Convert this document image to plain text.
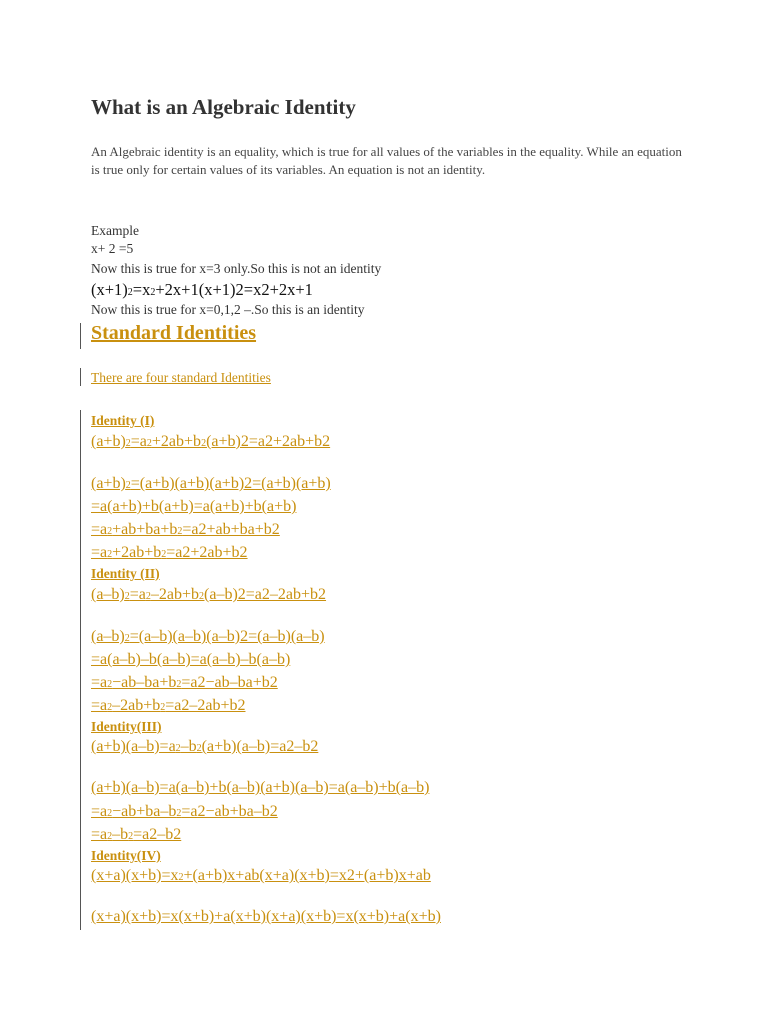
What is an Algebraic Identity
An Algebraic identity is an equality, which is true for all values of the variables in the equality. While an equation is true only for certain values of its variables. An equation is not an identity.
Example
x+ 2 =5
Now this is true for x=3 only.So this is not an identity
(x+1)2=x2+2x+1(x+1)2=x2+2x+1
Now this is true for x=0,1,2 –.So this is an identity
Standard Identities
There are four standard Identities
Identity (I)
(a+b)2=a2+2ab+b2(a+b)2=a2+2ab+b2
(a+b)2=(a+b)(a+b)(a+b)2=(a+b)(a+b)
=a(a+b)+b(a+b)=a(a+b)+b(a+b)
=a2+ab+ba+b2=a2+ab+ba+b2
=a2+2ab+b2=a2+2ab+b2
Identity (II)
(a–b)2=a2–2ab+b2(a–b)2=a2–2ab+b2
(a–b)2=(a–b)(a–b)(a–b)2=(a–b)(a–b)
=a(a–b)–b(a–b)=a(a–b)–b(a–b)
=a2−ab–ba+b2=a2−ab–ba+b2
=a2–2ab+b2=a2–2ab+b2
Identity(III)
(a+b)(a–b)=a2–b2(a+b)(a–b)=a2–b2
(a+b)(a–b)=a(a–b)+b(a–b)(a+b)(a–b)=a(a–b)+b(a–b)
=a2−ab+ba–b2=a2−ab+ba–b2
=a2–b2=a2–b2
Identity(IV)
(x+a)(x+b)=x2+(a+b)x+ab(x+a)(x+b)=x2+(a+b)x+ab
(x+a)(x+b)=x(x+b)+a(x+b)(x+a)(x+b)=x(x+b)+a(x+b)
